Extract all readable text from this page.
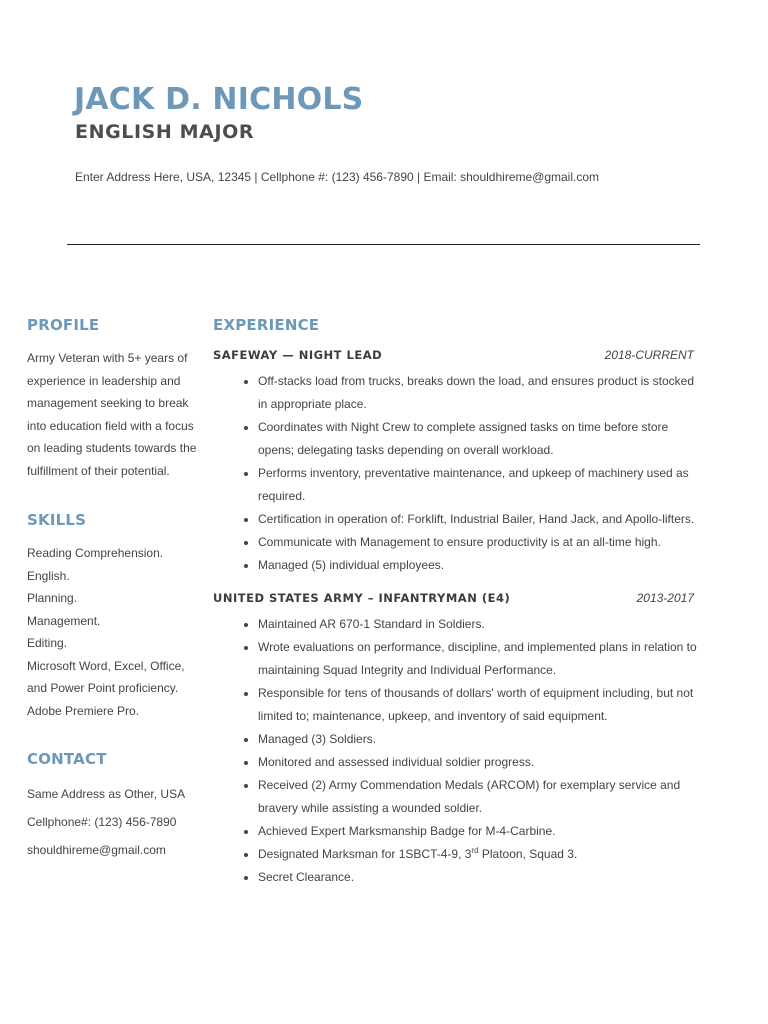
JACK D. NICHOLS
ENGLISH MAJOR
Enter Address Here, USA, 12345 | Cellphone #: (123) 456-7890 | Email: shouldhireme@gmail.com
PROFILE
Army Veteran with 5+ years of experience in leadership and management seeking to break into education field with a focus on leading students towards the fulfillment of their potential.
SKILLS
Reading Comprehension.
English.
Planning.
Management.
Editing.
Microsoft Word, Excel, Office, and Power Point proficiency.
Adobe Premiere Pro.
CONTACT
Same Address as Other, USA
Cellphone#: (123) 456-7890
shouldhireme@gmail.com
EXPERIENCE
SAFEWAY — NIGHT LEAD	2018-CURRENT
• Off-stacks load from trucks, breaks down the load, and ensures product is stocked in appropriate place.
• Coordinates with Night Crew to complete assigned tasks on time before store opens; delegating tasks depending on overall workload.
• Performs inventory, preventative maintenance, and upkeep of machinery used as required.
• Certification in operation of: Forklift, Industrial Bailer, Hand Jack, and Apollo-lifters.
• Communicate with Management to ensure productivity is at an all-time high.
• Managed (5) individual employees.
UNITED STATES ARMY – INFANTRYMAN (E4)	2013-2017
• Maintained AR 670-1 Standard in Soldiers.
• Wrote evaluations on performance, discipline, and implemented plans in relation to maintaining Squad Integrity and Individual Performance.
• Responsible for tens of thousands of dollars' worth of equipment including, but not limited to; maintenance, upkeep, and inventory of said equipment.
• Managed (3) Soldiers.
• Monitored and assessed individual soldier progress.
• Received (2) Army Commendation Medals (ARCOM) for exemplary service and bravery while assisting a wounded soldier.
• Achieved Expert Marksmanship Badge for M-4-Carbine.
• Designated Marksman for 1SBCT-4-9, 3rd Platoon, Squad 3.
• Secret Clearance.
